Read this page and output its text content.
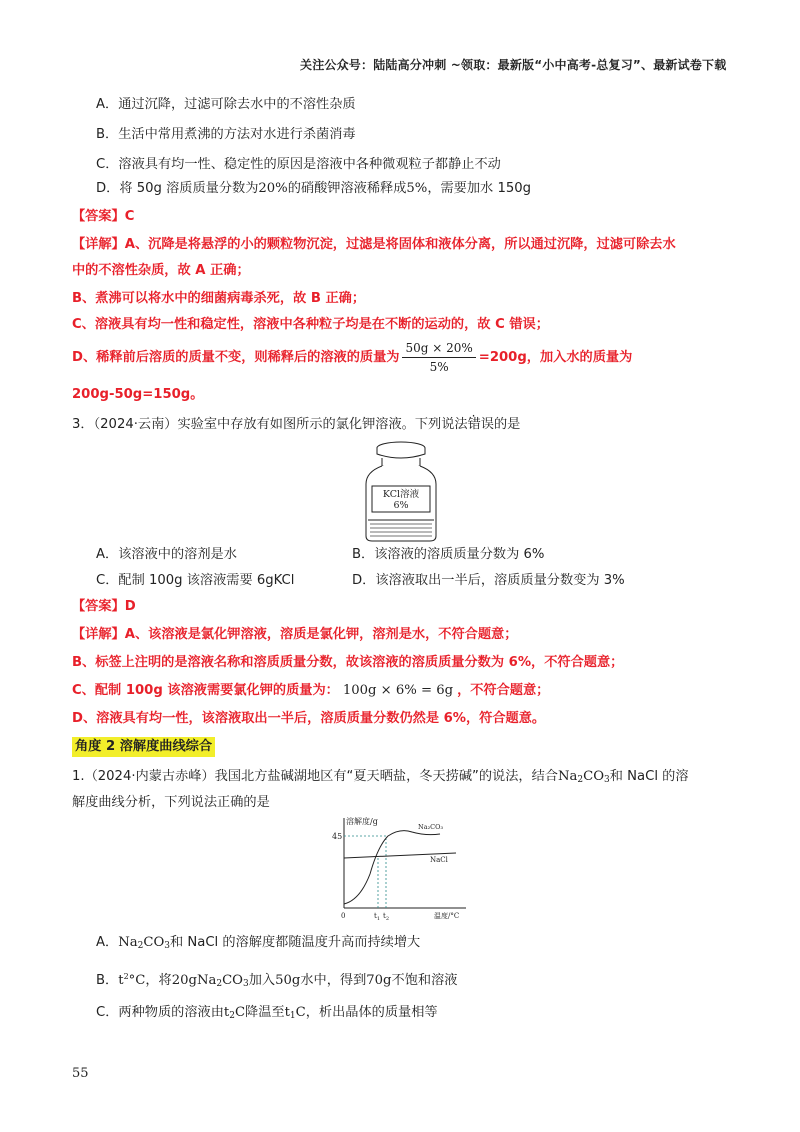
关注公众号：陆陆高分冲刺 ~领取：最新版“小中高考-总复习”、最新试卷下载
A．通过沉降，过滤可除去水中的不溶性杂质
B．生活中常用煮沸的方法对水进行杀菌消毒
C．溶液具有均一性、稳定性的原因是溶液中各种微观粒子都静止不动
D．将 50g 溶质质量分数为20%的硝酸钾溶液稀释成5%，需要加水 150g
【答案】C
【详解】A、沉降是将悬浮的小的颗粒物沉淀，过滤是将固体和液体分离，所以通过沉降，过滤可除去水
中的不溶性杂质，故 A 正确；
B、煮沸可以将水中的细菌病毒杀死，故 B 正确；
C、溶液具有均一性和稳定性，溶液中各种粒子均是在不断的运动的，故 C 错误；
D、稀释前后溶质的质量不变，则稀释后的溶液的质量为 $\frac{50g \times 20\%}{5\%} =200g$，加入水的质量为
200g-50g=150g。
3．（2024·云南）实验室中存放有如图所示的氯化钾溶液。下列说法错误的是
KCl溶液
6%
A．该溶液中的溶剂是水	B．该溶液的溶质质量分数为 6%
C．配制 100g 该溶液需要 6gKCl	D．该溶液取出一半后，溶质质量分数变为 3%
【答案】D
【详解】A、该溶液是氯化钾溶液，溶质是氯化钾，溶剂是水，不符合题意；
B、标签上注明的是溶液名称和溶质质量分数，故该溶液的溶质质量分数为 6%，不符合题意；
C、配制 100g 该溶液需要氯化钾的质量为： 100g × 6% = 6g ，不符合题意；
D、溶液具有均一性，该溶液取出一半后，溶质质量分数仍然是 6%，符合题意。
角度 2 溶解度曲线综合
1.（2024·内蒙古赤峰）我国北方盐碱湖地区有“夏天晒盐，冬天捞碱”的说法，结合$Na_2CO_3$和 NaCl 的溶
解度曲线分析，下列说法正确的是
溶解度/g
45
0
NaCl
Na₂CO₃
$t_1$ $t_2$	温度/°C
A．$Na_2CO_3$和 NaCl 的溶解度都随温度升高而持续增大
B．$t^2^\circ C$，将$20gNa_2CO_3$加入50g水中，得到70g不饱和溶液
C．两种物质的溶液由$t_2C$降温至$t_1C$，析出晶体的质量相等
55
